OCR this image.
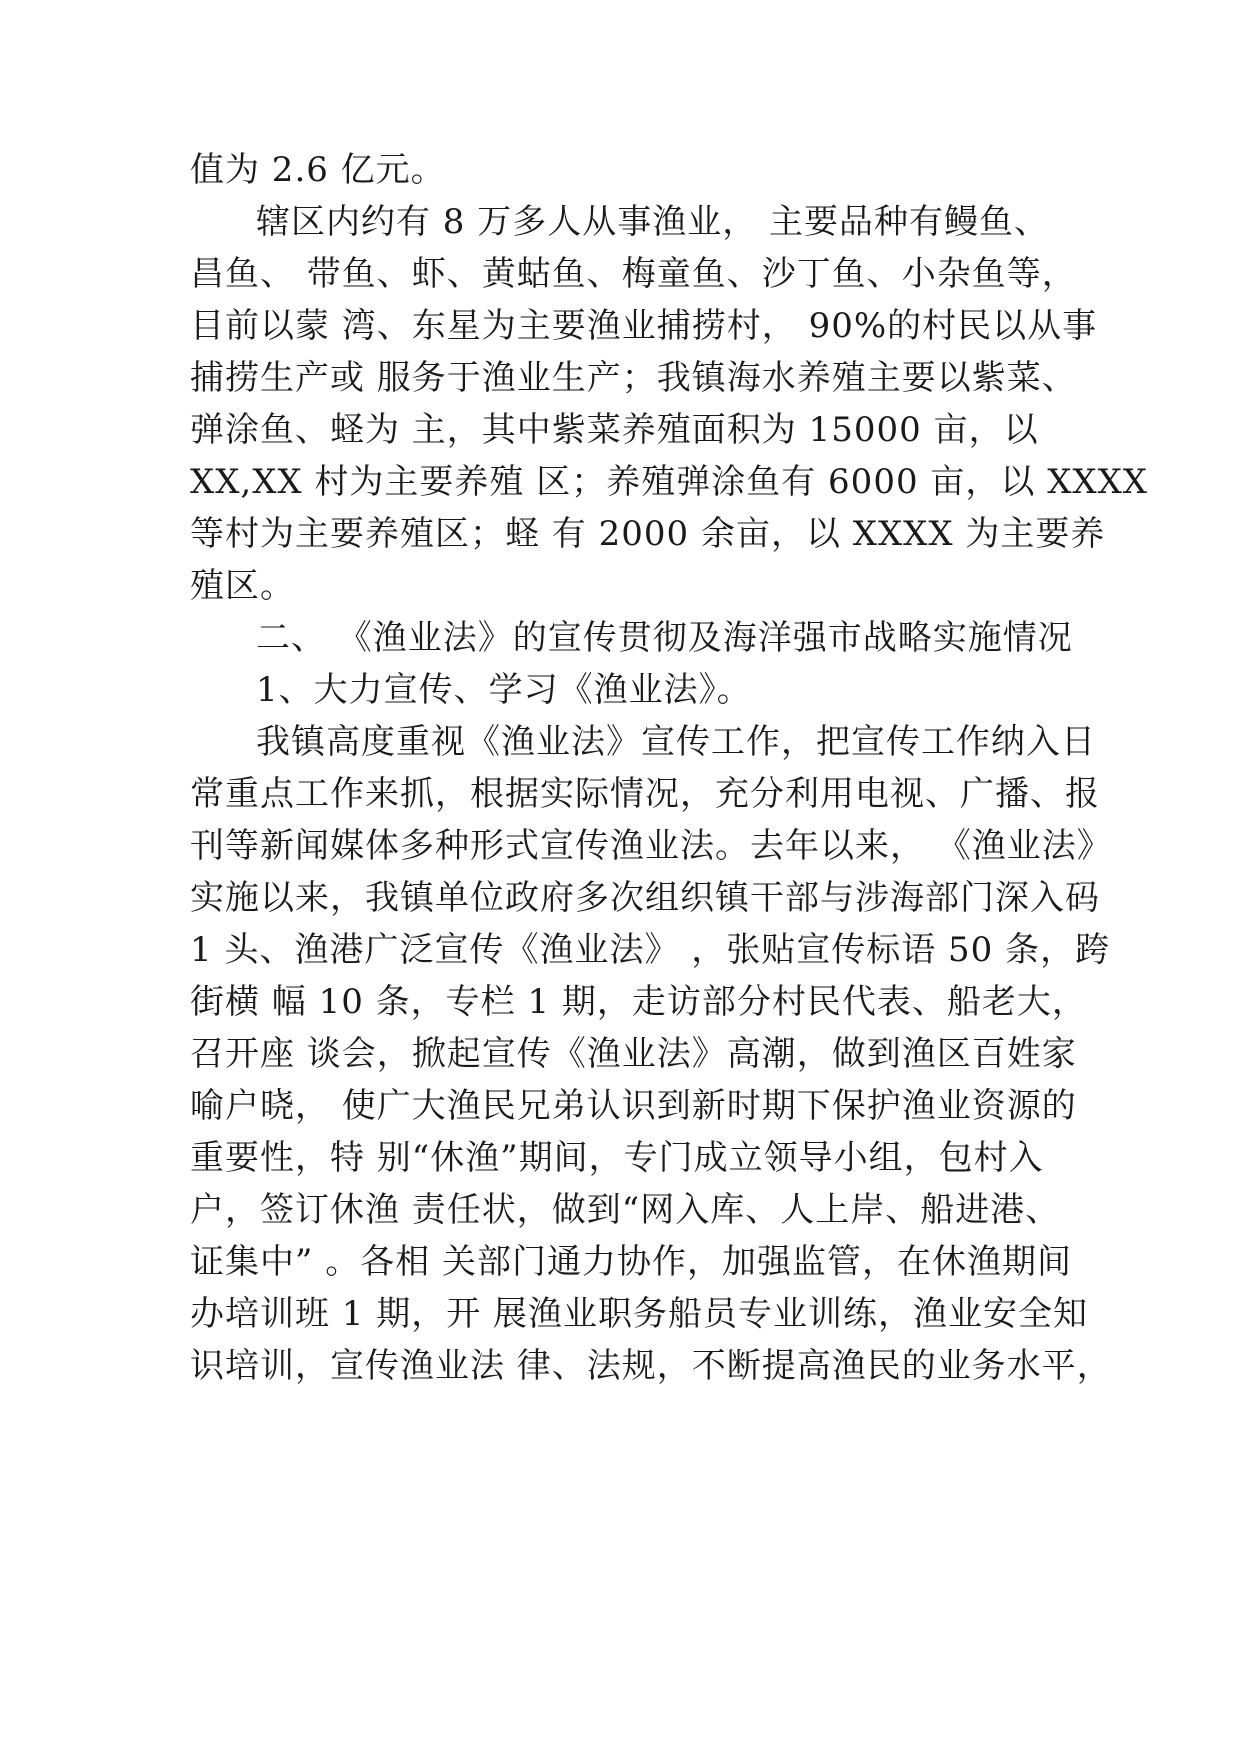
值为 2.6 亿元。
辖区内约有 8 万多人从事渔业， 主要品种有鳗鱼、
昌鱼、 带鱼、虾、黄蛄鱼、梅童鱼、沙丁鱼、小杂鱼等，
目前以蒙 湾、东星为主要渔业捕捞村， 90%的村民以从事
捕捞生产或 服务于渔业生产；我镇海水养殖主要以紫菜、
弹涂鱼、蛏为 主，其中紫菜养殖面积为 15000 亩，以
XX,XX 村为主要养殖 区；养殖弹涂鱼有 6000 亩，以 XXXX
等村为主要养殖区；蛏 有 2000 余亩，以 XXXX 为主要养
殖区。
二、 《渔业法》的宣传贯彻及海洋强市战略实施情况
1、大力宣传、学习《渔业法》。
我镇高度重视《渔业法》宣传工作，把宣传工作纳入日
常重点工作来抓，根据实际情况，充分利用电视、广播、报
刊等新闻媒体多种形式宣传渔业法。去年以来， 《渔业法》
实施以来，我镇单位政府多次组织镇干部与涉海部门深入码
1 头、渔港广泛宣传《渔业法》 ，张贴宣传标语 50 条，跨
街横 幅 10 条，专栏 1 期，走访部分村民代表、船老大，
召开座 谈会，掀起宣传《渔业法》高潮，做到渔区百姓家
喻户晓， 使广大渔民兄弟认识到新时期下保护渔业资源的
重要性，特 别“休渔”期间，专门成立领导小组，包村入
户，签订休渔 责任状，做到“网入库、人上岸、船进港、
证集中” 。各相 关部门通力协作，加强监管，在休渔期间
办培训班 1 期，开 展渔业职务船员专业训练，渔业安全知
识培训，宣传渔业法 律、法规，不断提高渔民的业务水平，
